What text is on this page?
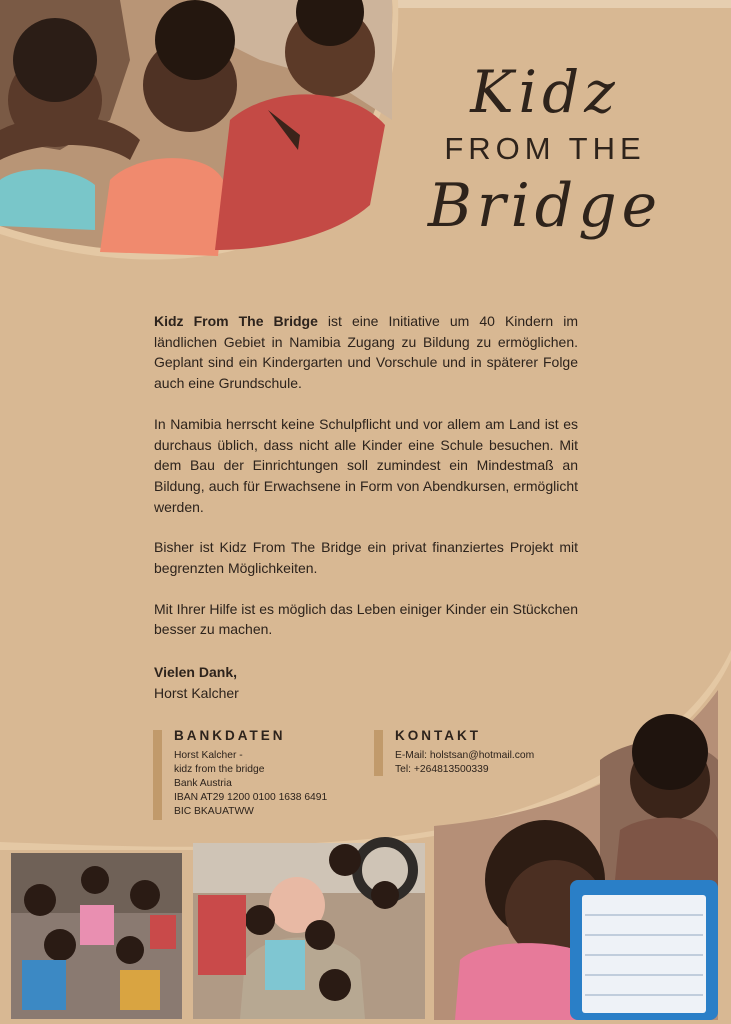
Kidz
FROM THE
Bridge

Kidz From The Bridge ist eine Initiative um 40 Kindern im ländlichen Gebiet in Namibia Zugang zu Bildung zu ermöglichen. Geplant sind ein Kindergarten und Vorschule und in späterer Folge auch eine Grundschule.

In Namibia herrscht keine Schulpflicht und vor allem am Land ist es durchaus üblich, dass nicht alle Kinder eine Schule besuchen. Mit dem Bau der Einrichtungen soll zumindest ein Mindestmaß an Bildung, auch für Erwachsene in Form von Abendkursen, ermöglicht werden.

Bisher ist Kidz From The Bridge ein privat finanziertes Projekt mit begrenzten Möglichkeiten.

Mit Ihrer Hilfe ist es möglich das Leben einiger Kinder ein Stückchen besser zu machen.

Vielen Dank,
Horst Kalcher
BANKDATEN
Horst Kalcher -
kidz from the bridge
Bank Austria
IBAN AT29 1200 0100 1638 6491
BIC BKAUATWW
KONTAKT
E-Mail: holstsan@hotmail.com
Tel: +264813500339
